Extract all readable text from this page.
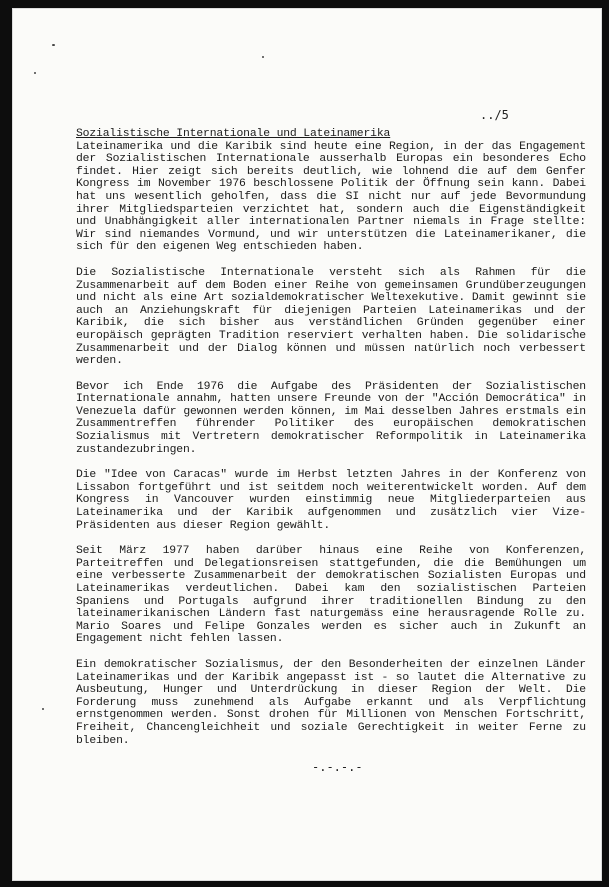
../5
Sozialistische Internationale und Lateinamerika

Lateinamerika und die Karibik sind heute eine Region, in der das Engagement der Sozialistischen Internationale ausserhalb Europas ein besonderes Echo findet. Hier zeigt sich bereits deutlich, wie lohnend die auf dem Genfer Kongress im November 1976 beschlossene Politik der Öffnung sein kann. Dabei hat uns wesentlich geholfen, dass die SI nicht nur auf jede Bevormundung ihrer Mitgliedsparteien verzichtet hat, sondern auch die Eigenständigkeit und Unabhängigkeit aller internationalen Partner niemals in Frage stellte: Wir sind niemandes Vormund, und wir unterstützen die Lateinamerikaner, die sich für den eigenen Weg entschieden haben.

Die Sozialistische Internationale versteht sich als Rahmen für die Zusammenarbeit auf dem Boden einer Reihe von gemeinsamen Grundüberzeugungen und nicht als eine Art sozialdemokratischer Weltexekutive. Damit gewinnt sie auch an Anziehungskraft für diejenigen Parteien Lateinamerikas und der Karibik, die sich bisher aus verständlichen Gründen gegenüber einer europäisch geprägten Tradition reserviert verhalten haben. Die solidarische Zusammenarbeit und der Dialog können und müssen natürlich noch verbessert werden.

Bevor ich Ende 1976 die Aufgabe des Präsidenten der Sozialistischen Internationale annahm, hatten unsere Freunde von der "Acción Democrática" in Venezuela dafür gewonnen werden können, im Mai desselben Jahres erstmals ein Zusammentreffen führender Politiker des europäischen demokratischen Sozialismus mit Vertretern demokratischer Reformpolitik in Lateinamerika zustandezubringen.

Die "Idee von Caracas" wurde im Herbst letzten Jahres in der Konferenz von Lissabon fortgeführt und ist seitdem noch weiterentwickelt worden. Auf dem Kongress in Vancouver wurden einstimmig neue Mitgliederparteien aus Lateinamerika und der Karibik aufgenommen und zusätzlich vier Vize-Präsidenten aus dieser Region gewählt.

Seit März 1977 haben darüber hinaus eine Reihe von Konferenzen, Parteitreffen und Delegationsreisen stattgefunden, die die Bemühungen um eine verbesserte Zusammenarbeit der demokratischen Sozialisten Europas und Lateinamerikas verdeutlichen. Dabei kam den sozialistischen Parteien Spaniens und Portugals aufgrund ihrer traditionellen Bindung zu den lateinamerikanischen Ländern fast naturgemäss eine herausragende Rolle zu. Mario Soares und Felipe Gonzales werden es sicher auch in Zukunft an Engagement nicht fehlen lassen.

Ein demokratischer Sozialismus, der den Besonderheiten der einzelnen Länder Lateinamerikas und der Karibik angepasst ist - so lautet die Alternative zu Ausbeutung, Hunger und Unterdrückung in dieser Region der Welt. Die Forderung muss zunehmend als Aufgabe erkannt und als Verpflichtung ernstgenommen werden. Sonst drohen für Millionen von Menschen Fortschritt, Freiheit, Chancengleichheit und soziale Gerechtigkeit in weiter Ferne zu bleiben.

-.-.-.-
